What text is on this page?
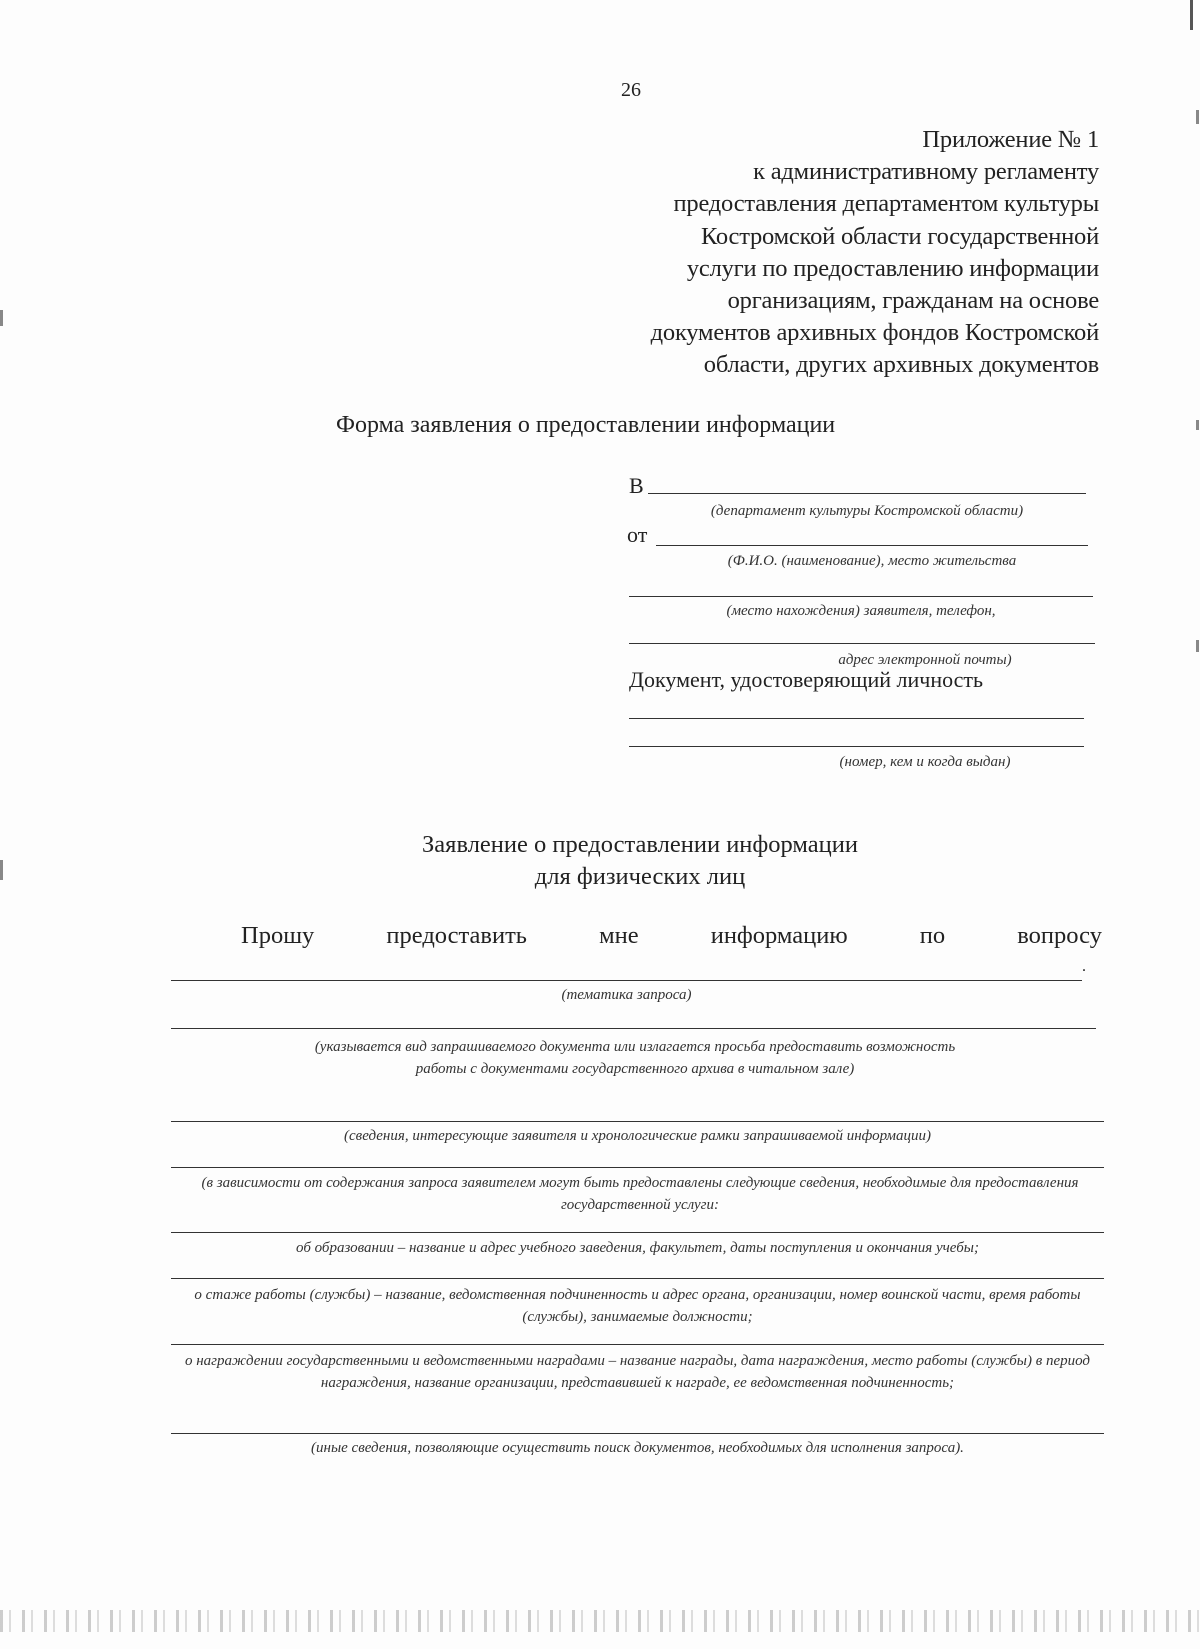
26
Приложение № 1
к административному регламенту
предоставления департаментом культуры
Костромской области государственной
услуги по предоставлению информации
организациям, гражданам на основе
документов архивных фондов Костромской
области, других архивных документов
Форма заявления о предоставлении информации
В
(департамент культуры Костромской области)
от
(Ф.И.О. (наименование), место жительства
(место нахождения) заявителя, телефон,
адрес электронной почты)
Документ, удостоверяющий личность
(номер, кем и когда выдан)
Заявление о предоставлении информации
для физических лиц
Прошу	предоставить	мне	информацию	по	вопросу
.
(тематика запроса)
(указывается вид запрашиваемого документа или излагается просьба предоставить возможность работы с документами государственного архива в читальном зале)
(сведения, интересующие заявителя и хронологические рамки запрашиваемой информации)
(в зависимости от содержания запроса заявителем могут быть предоставлены следующие сведения, необходимые для предоставления государственной услуги:
об образовании – название и адрес учебного заведения, факультет, даты поступления и окончания учебы;
о стаже работы (службы) – название, ведомственная подчиненность и адрес органа, организации, номер воинской части, время работы (службы), занимаемые должности;
о награждении государственными и ведомственными наградами – название награды, дата награждения, место работы (службы) в период награждения, название организации, представившей к награде, ее ведомственная подчиненность;
(иные сведения, позволяющие осуществить поиск документов, необходимых для исполнения запроса).
